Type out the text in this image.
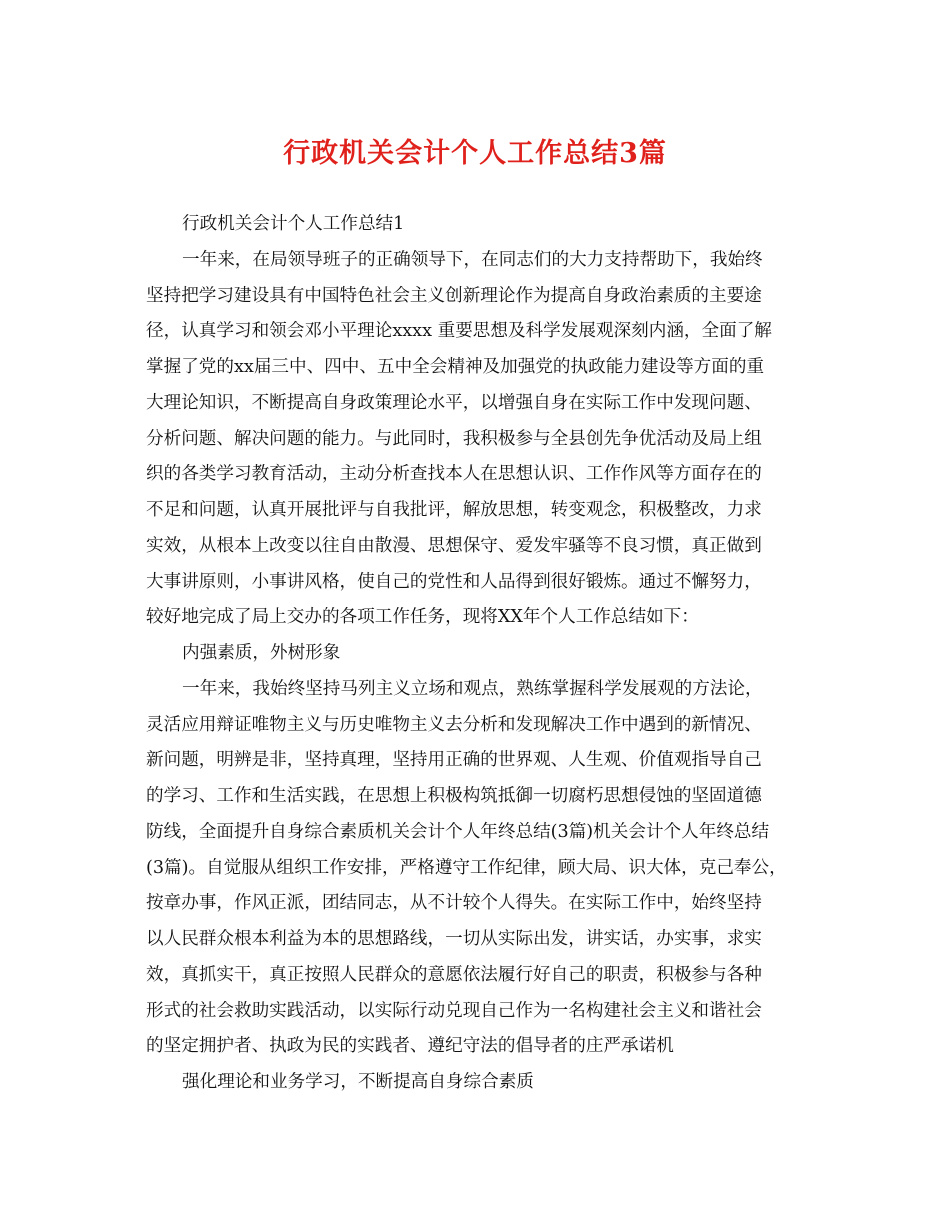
行政机关会计个人工作总结3篇
行政机关会计个人工作总结1
一年来，在局领导班子的正确领导下，在同志们的大力支持帮助下，我始终
坚持把学习建设具有中国特色社会主义创新理论作为提高自身政治素质的主要途
径，认真学习和领会邓小平理论xxxx 重要思想及科学发展观深刻内涵，全面了解
掌握了党的xx届三中、四中、五中全会精神及加强党的执政能力建设等方面的重
大理论知识，不断提高自身政策理论水平，以增强自身在实际工作中发现问题、
分析问题、解决问题的能力。与此同时，我积极参与全县创先争优活动及局上组
织的各类学习教育活动，主动分析查找本人在思想认识、工作作风等方面存在的
不足和问题，认真开展批评与自我批评，解放思想，转变观念，积极整改，力求
实效，从根本上改变以往自由散漫、思想保守、爱发牢骚等不良习惯，真正做到
大事讲原则，小事讲风格，使自己的党性和人品得到很好锻炼。通过不懈努力，
较好地完成了局上交办的各项工作任务，现将XX年个人工作总结如下：
内强素质，外树形象
一年来，我始终坚持马列主义立场和观点，熟练掌握科学发展观的方法论，
灵活应用辩证唯物主义与历史唯物主义去分析和发现解决工作中遇到的新情况、
新问题，明辨是非，坚持真理，坚持用正确的世界观、人生观、价值观指导自己
的学习、工作和生活实践，在思想上积极构筑抵御一切腐朽思想侵蚀的坚固道德
防线，全面提升自身综合素质机关会计个人年终总结(3篇)机关会计个人年终总结
(3篇)。自觉服从组织工作安排，严格遵守工作纪律，顾大局、识大体，克己奉公，
按章办事，作风正派，团结同志，从不计较个人得失。在实际工作中，始终坚持
以人民群众根本利益为本的思想路线，一切从实际出发，讲实话，办实事，求实
效，真抓实干，真正按照人民群众的意愿依法履行好自己的职责，积极参与各种
形式的社会救助实践活动，以实际行动兑现自己作为一名构建社会主义和谐社会
的坚定拥护者、执政为民的实践者、遵纪守法的倡导者的庄严承诺机
强化理论和业务学习，不断提高自身综合素质
